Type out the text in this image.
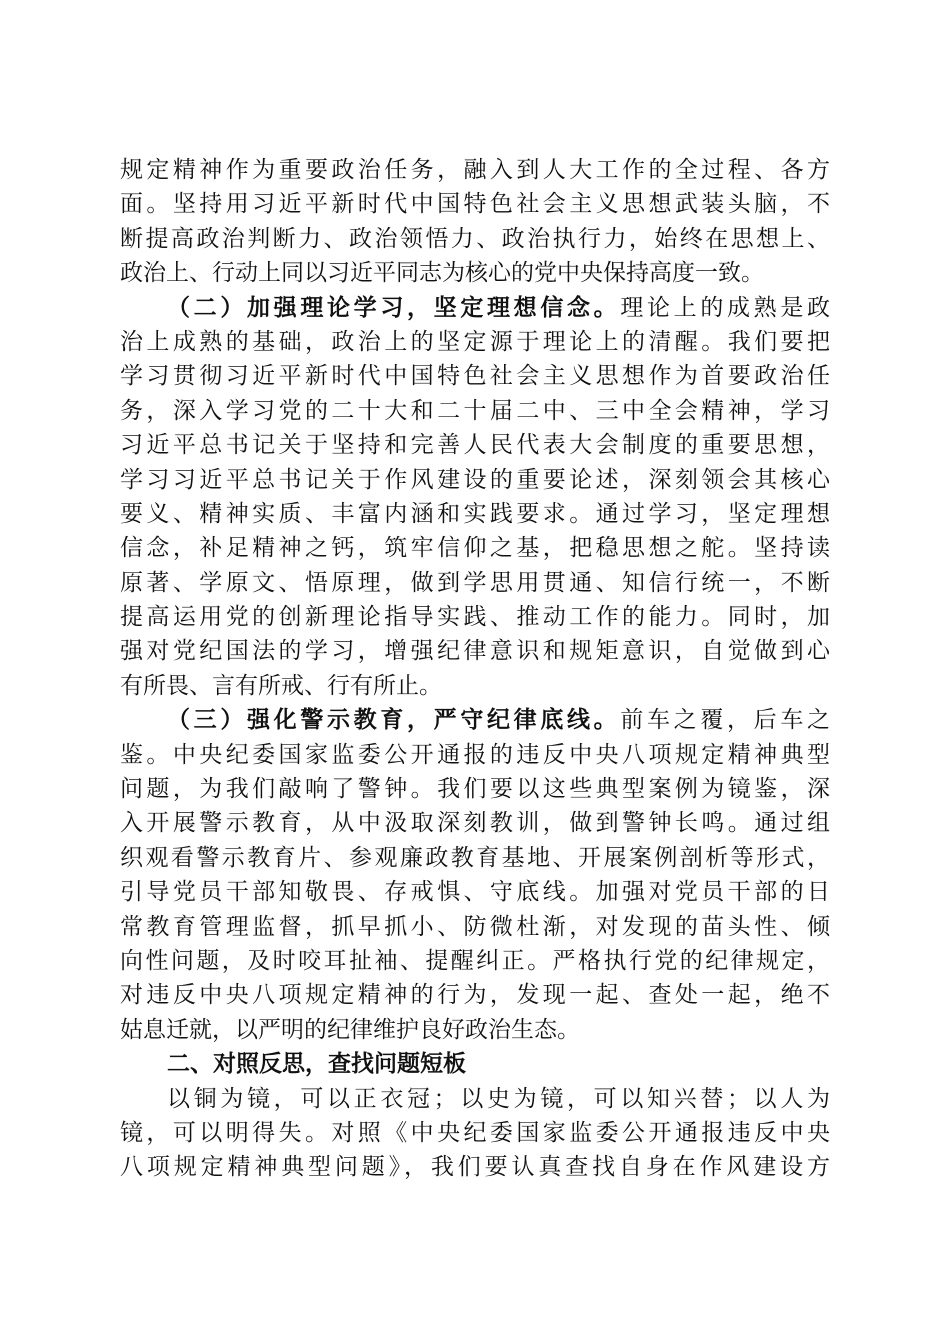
规定精神作为重要政治任务，融入到人大工作的全过程、各方
面。坚持用习近平新时代中国特色社会主义思想武装头脑，不
断提高政治判断力、政治领悟力、政治执行力，始终在思想上、
政治上、行动上同以习近平同志为核心的党中央保持高度一致。
（二）加强理论学习，坚定理想信念。理论上的成熟是政
治上成熟的基础，政治上的坚定源于理论上的清醒。我们要把
学习贯彻习近平新时代中国特色社会主义思想作为首要政治任
务，深入学习党的二十大和二十届二中、三中全会精神，学习
习近平总书记关于坚持和完善人民代表大会制度的重要思想，
学习习近平总书记关于作风建设的重要论述，深刻领会其核心
要义、精神实质、丰富内涵和实践要求。通过学习，坚定理想
信念，补足精神之钙，筑牢信仰之基，把稳思想之舵。坚持读
原著、学原文、悟原理，做到学思用贯通、知信行统一，不断
提高运用党的创新理论指导实践、推动工作的能力。同时，加
强对党纪国法的学习，增强纪律意识和规矩意识，自觉做到心
有所畏、言有所戒、行有所止。
（三）强化警示教育，严守纪律底线。前车之覆，后车之
鉴。中央纪委国家监委公开通报的违反中央八项规定精神典型
问题，为我们敲响了警钟。我们要以这些典型案例为镜鉴，深
入开展警示教育，从中汲取深刻教训，做到警钟长鸣。通过组
织观看警示教育片、参观廉政教育基地、开展案例剖析等形式，
引导党员干部知敬畏、存戒惧、守底线。加强对党员干部的日
常教育管理监督，抓早抓小、防微杜渐，对发现的苗头性、倾
向性问题，及时咬耳扯袖、提醒纠正。严格执行党的纪律规定，
对违反中央八项规定精神的行为，发现一起、查处一起，绝不
姑息迁就，以严明的纪律维护良好政治生态。
二、对照反思，查找问题短板
以铜为镜，可以正衣冠；以史为镜，可以知兴替；以人为
镜，可以明得失。对照《中央纪委国家监委公开通报违反中央
八项规定精神典型问题》，我们要认真查找自身在作风建设方
